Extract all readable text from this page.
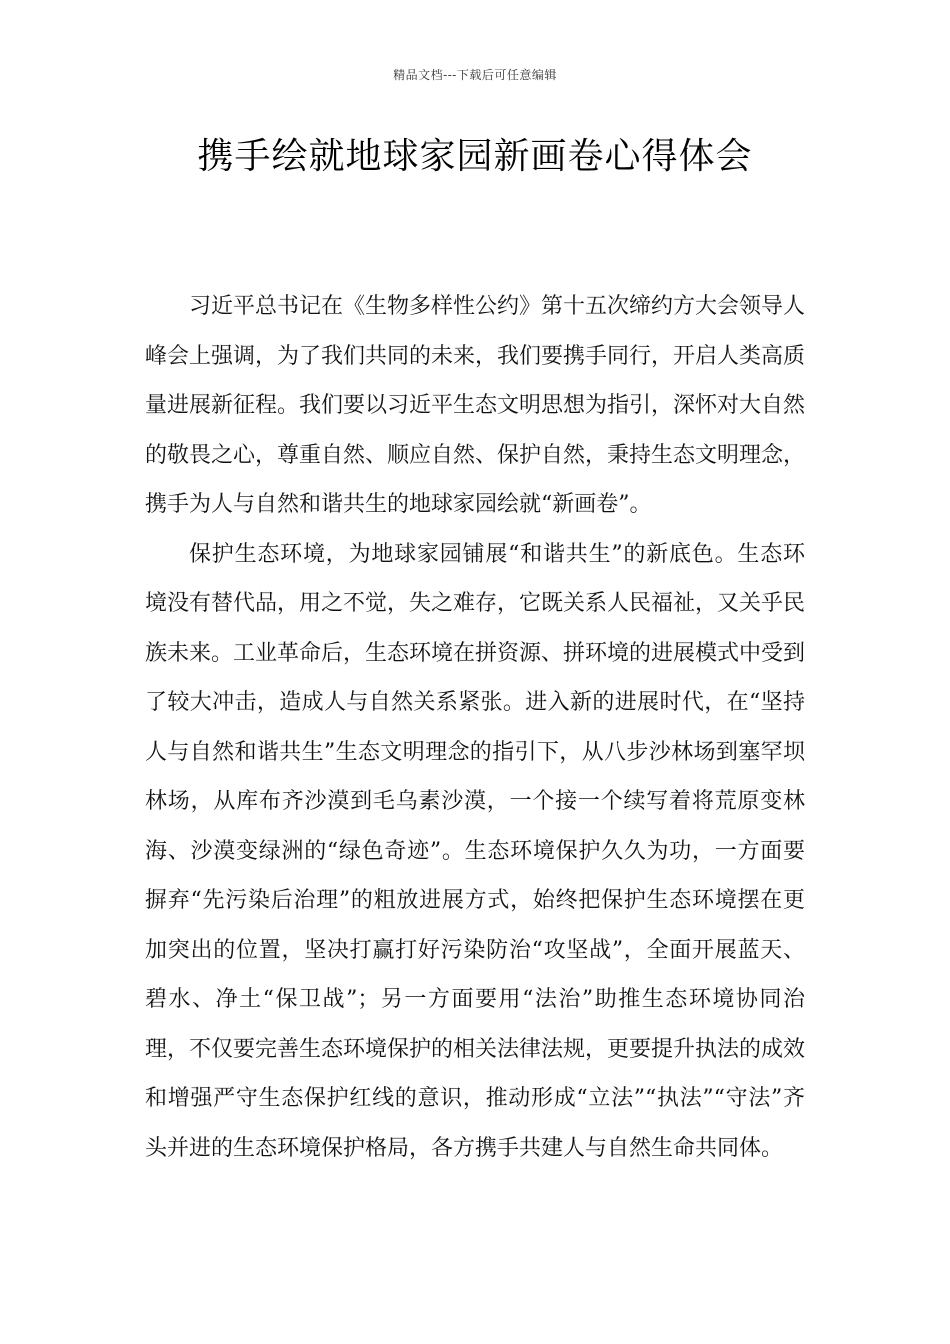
精品文档---下载后可任意编辑
携手绘就地球家园新画卷心得体会

习近平总书记在《生物多样性公约》第十五次缔约方大会领导人峰会上强调，为了我们共同的未来，我们要携手同行，开启人类高质量进展新征程。我们要以习近平生态文明思想为指引，深怀对大自然的敬畏之心，尊重自然、顺应自然、保护自然，秉持生态文明理念，携手为人与自然和谐共生的地球家园绘就“新画卷”。

保护生态环境，为地球家园铺展“和谐共生”的新底色。生态环境没有替代品，用之不觉，失之难存，它既关系人民福祉，又关乎民族未来。工业革命后，生态环境在拼资源、拼环境的进展模式中受到了较大冲击，造成人与自然关系紧张。进入新的进展时代，在“坚持人与自然和谐共生”生态文明理念的指引下，从八步沙林场到塞罕坝林场，从库布齐沙漠到毛乌素沙漠，一个接一个续写着将荒原变林海、沙漠变绿洲的“绿色奇迹”。生态环境保护久久为功，一方面要摒弃“先污染后治理”的粗放进展方式，始终把保护生态环境摆在更加突出的位置，坚决打赢打好污染防治“攻坚战”，全面开展蓝天、碧水、净土“保卫战”；另一方面要用“法治”助推生态环境协同治理，不仅要完善生态环境保护的相关法律法规，更要提升执法的成效和增强严守生态保护红线的意识，推动形成“立法”“执法”“守法”齐头并进的生态环境保护格局，各方携手共建人与自然生命共同体。
